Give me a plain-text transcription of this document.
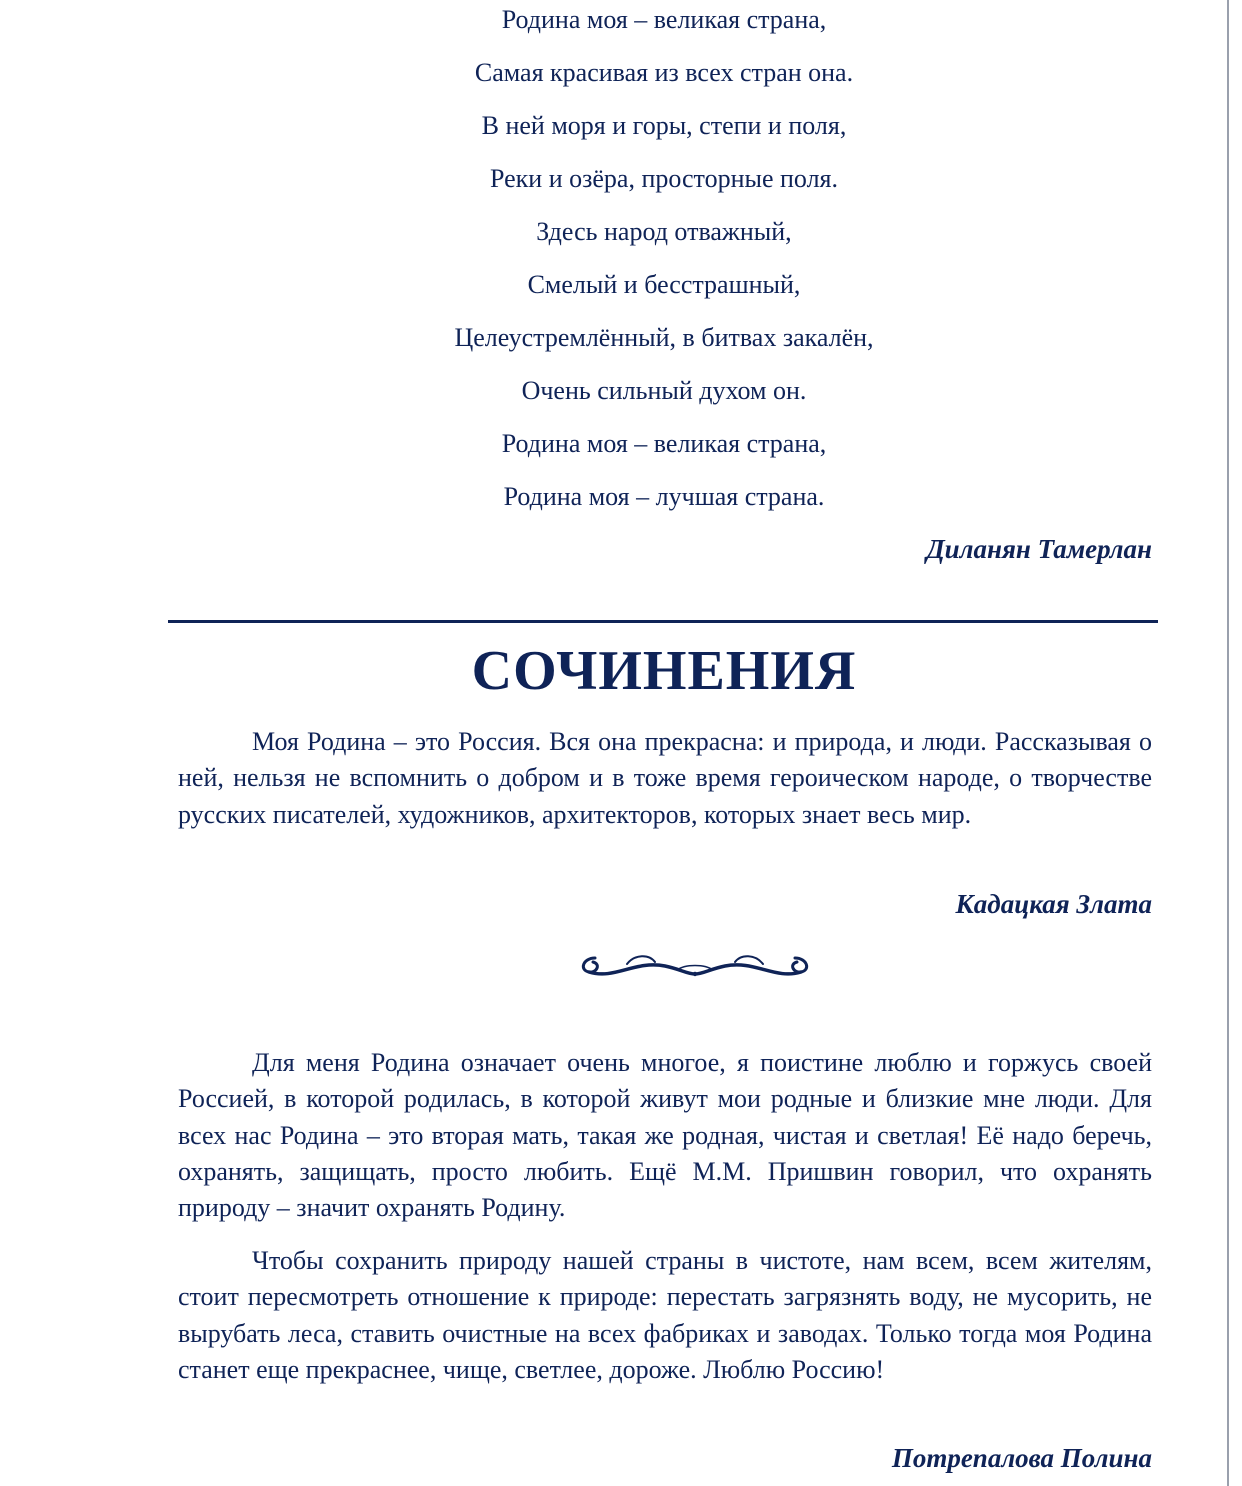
Родина моя – великая страна,
Самая красивая из всех стран она.
В ней моря и горы, степи и поля,
Реки и озёра, просторные поля.
Здесь народ отважный,
Смелый и бесстрашный,
Целеустремлённый, в битвах закалён,
Очень сильный духом он.
Родина моя – великая страна,
Родина моя – лучшая страна.
Диланян Тамерлан
СОЧИНЕНИЯ

Моя Родина – это Россия. Вся она прекрасна: и природа, и люди. Рассказывая о ней, нельзя не вспомнить о добром и в тоже время героическом народе, о творчестве русских писателей, художников, архитекторов, которых знает весь мир.

Кадацкая Злата

Для меня Родина означает очень многое, я поистине люблю и горжусь своей Россией, в которой родилась, в которой живут мои родные и близкие мне люди. Для всех нас Родина – это вторая мать, такая же родная, чистая и светлая! Её надо беречь, охранять, защищать, просто любить. Ещё М.М. Пришвин говорил, что охранять природу – значит охранять Родину.

Чтобы сохранить природу нашей страны в чистоте, нам всем, всем жителям, стоит пересмотреть отношение к природе: перестать загрязнять воду, не мусорить, не вырубать леса, ставить очистные на всех фабриках и заводах. Только тогда моя Родина станет еще прекраснее, чище, светлее, дороже. Люблю Россию!

Потрепалова Полина
